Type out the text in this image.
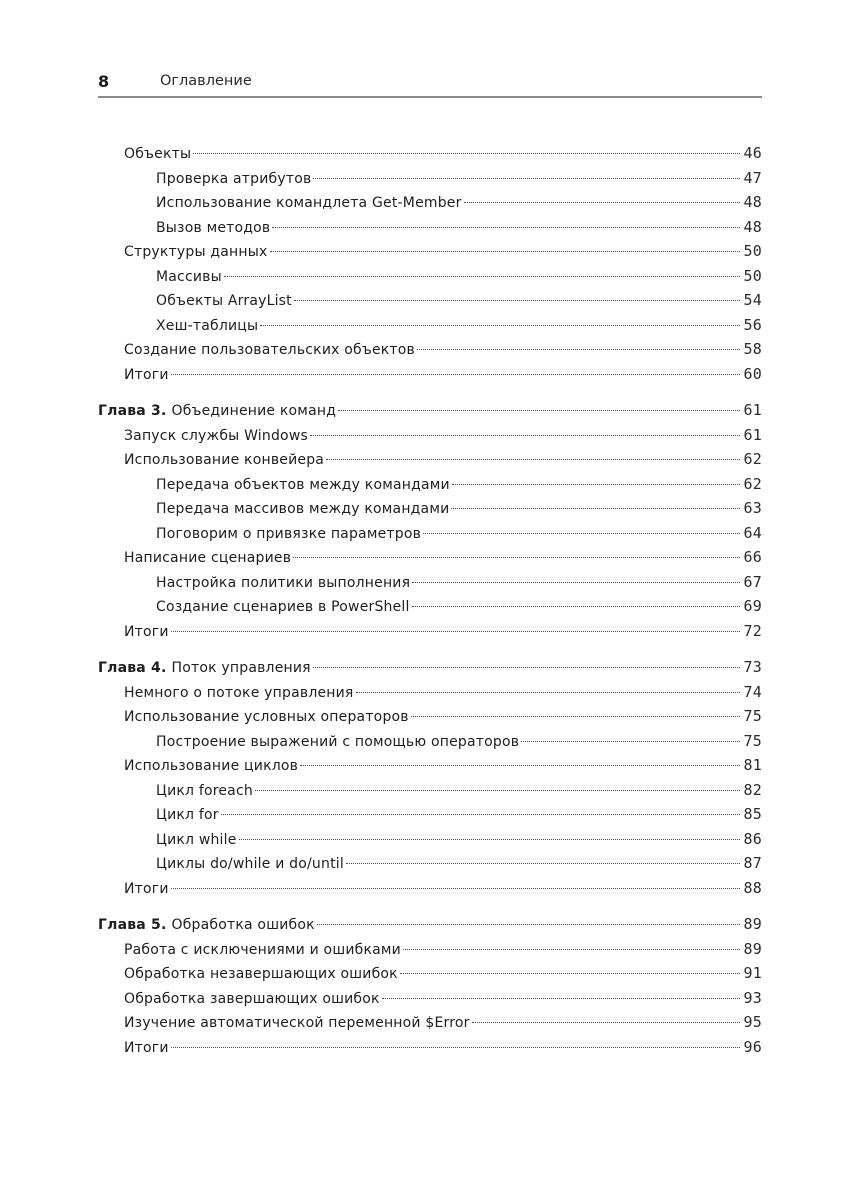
8	Оглавление
Объекты	46
Проверка атрибутов	47
Использование командлета Get-Member	48
Вызов методов	48
Структуры данных	50
Массивы	50
Объекты ArrayList	54
Хеш-таблицы	56
Создание пользовательских объектов	58
Итоги	60
Глава 3. Объединение команд	61
Запуск службы Windows	61
Использование конвейера	62
Передача объектов между командами	62
Передача массивов между командами	63
Поговорим о привязке параметров	64
Написание сценариев	66
Настройка политики выполнения	67
Создание сценариев в PowerShell	69
Итоги	72
Глава 4. Поток управления	73
Немного о потоке управления	74
Использование условных операторов	75
Построение выражений с помощью операторов	75
Использование циклов	81
Цикл foreach	82
Цикл for	85
Цикл while	86
Циклы do/while и do/until	87
Итоги	88
Глава 5. Обработка ошибок	89
Работа с исключениями и ошибками	89
Обработка незавершающих ошибок	91
Обработка завершающих ошибок	93
Изучение автоматической переменной $Error	95
Итоги	96
